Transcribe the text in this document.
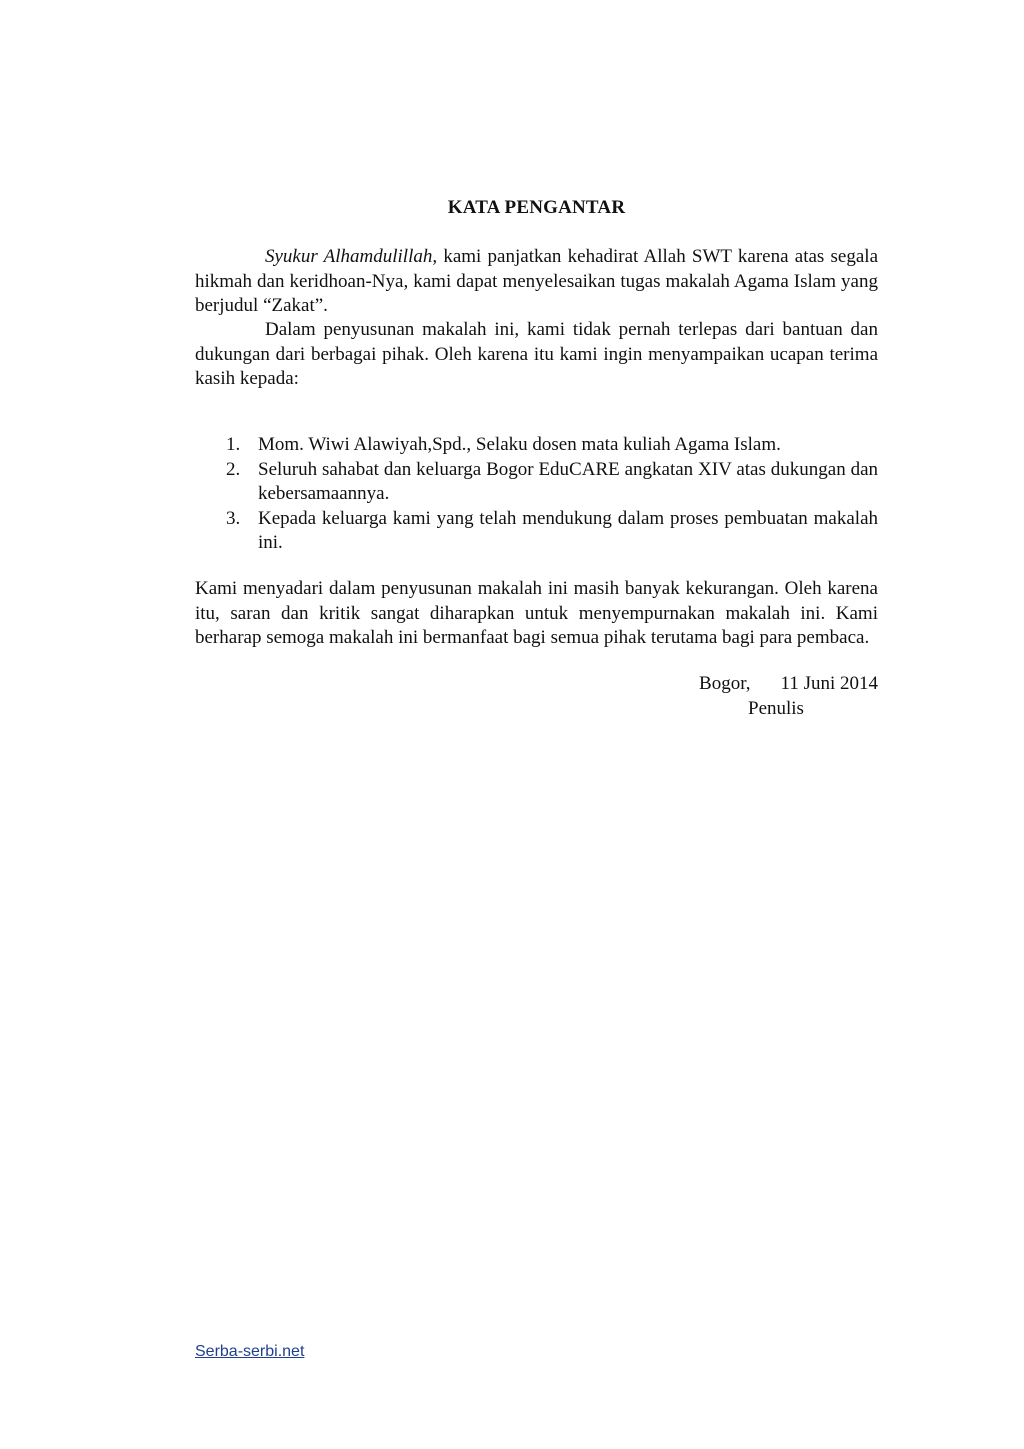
KATA PENGANTAR

Syukur Alhamdulillah, kami panjatkan kehadirat Allah SWT karena atas segala hikmah dan keridhoan-Nya, kami dapat menyelesaikan tugas makalah Agama Islam yang berjudul “Zakat”.

Dalam penyusunan makalah ini, kami tidak pernah terlepas dari bantuan dan dukungan dari berbagai pihak. Oleh karena itu kami ingin menyampaikan ucapan terima kasih kepada:

1. Mom. Wiwi Alawiyah,Spd., Selaku dosen mata kuliah Agama Islam.
2. Seluruh sahabat dan keluarga Bogor EduCARE angkatan XIV atas dukungan dan kebersamaannya.
3. Kepada keluarga kami yang telah mendukung dalam proses pembuatan makalah ini.

Kami menyadari dalam penyusunan makalah ini masih banyak kekurangan. Oleh karena itu, saran dan kritik sangat diharapkan untuk menyempurnakan makalah ini. Kami berharap semoga makalah ini bermanfaat bagi semua pihak terutama bagi para pembaca.

Bogor, 11 Juni 2014
Penulis
Serba-serbi.net
